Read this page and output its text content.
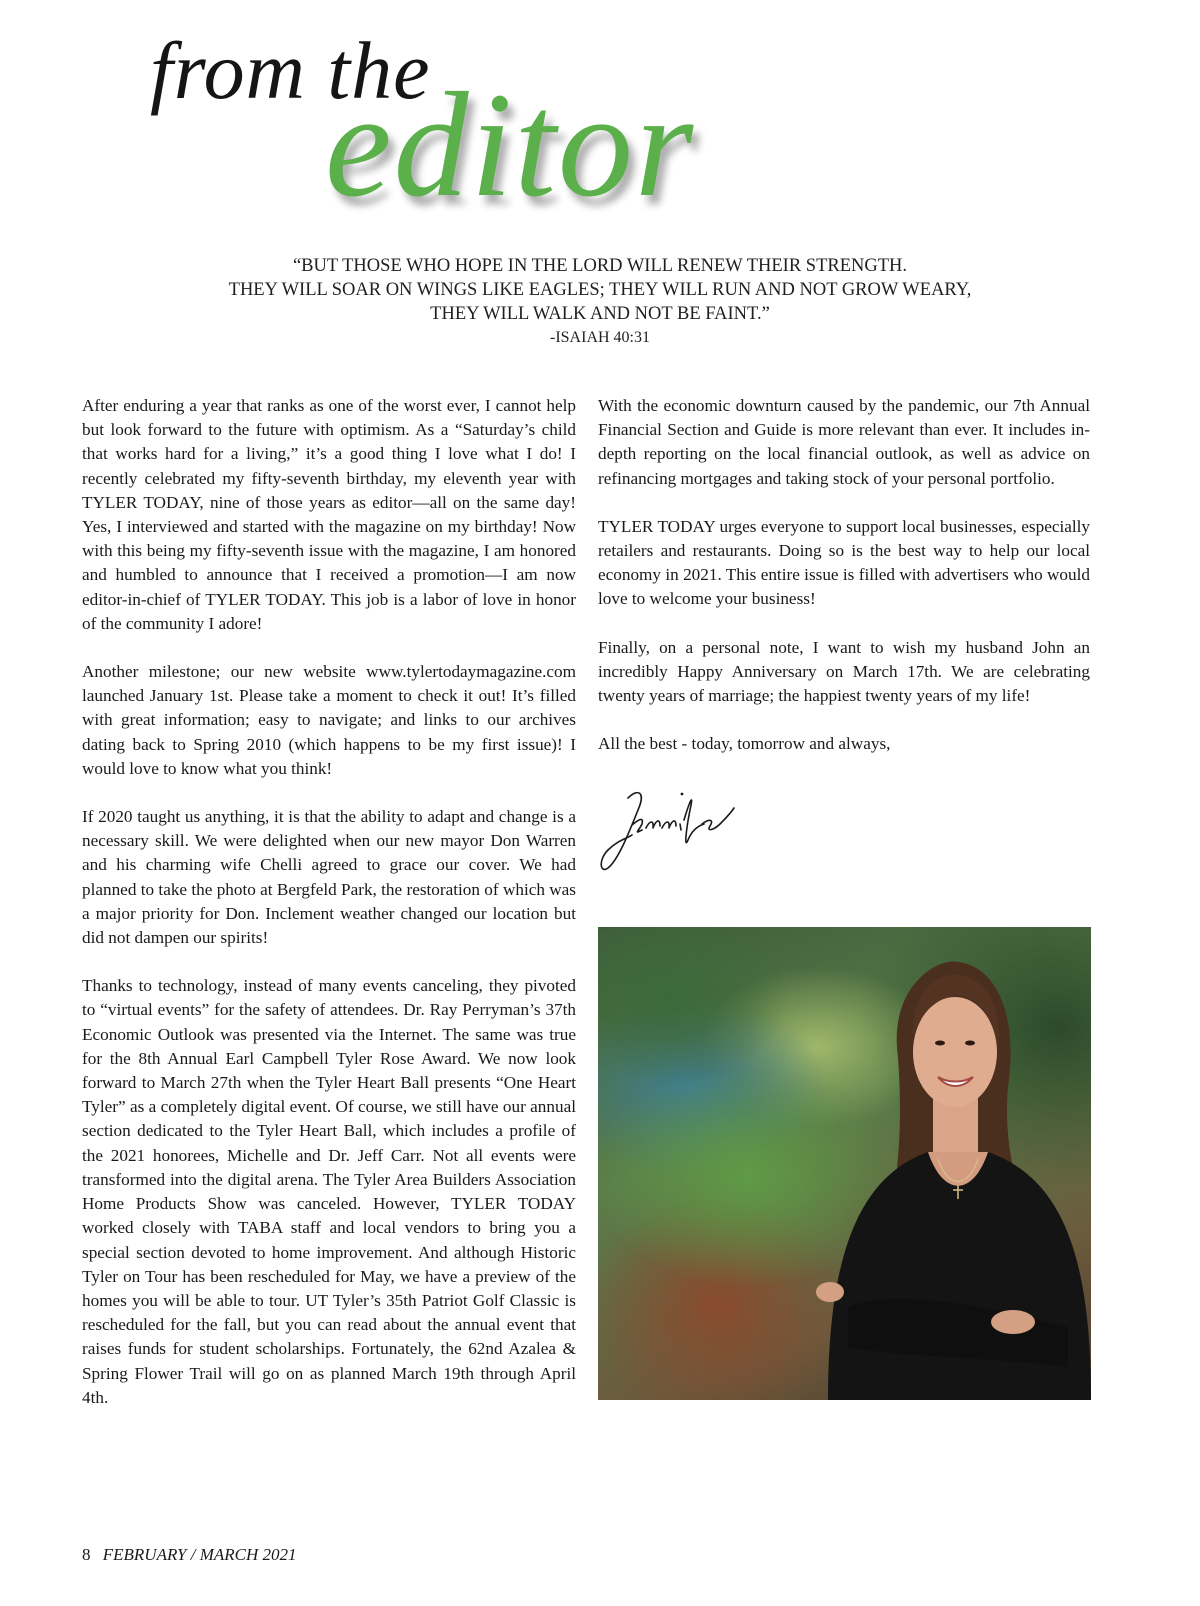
from the
editor

“BUT THOSE WHO HOPE IN THE LORD WILL RENEW THEIR STRENGTH.

THEY WILL SOAR ON WINGS LIKE EAGLES; THEY WILL RUN AND NOT GROW WEARY,

THEY WILL WALK AND NOT BE FAINT.”

-ISAIAH 40:31

After enduring a year that ranks as one of the worst ever, I cannot help but look forward to the future with optimism. As a “Saturday’s child that works hard for a living,” it’s a good thing I love what I do! I recently celebrated my fifty-seventh birthday, my eleventh year with TYLER TODAY, nine of those years as editor—all on the same day! Yes, I interviewed and started with the magazine on my birthday! Now with this being my fifty-seventh issue with the magazine, I am honored and humbled to announce that I received a promotion—I am now editor-in-chief of TYLER TODAY. This job is a labor of love in honor of the community I adore!

Another milestone; our new website www.tylertodaymagazine.com launched January 1st. Please take a moment to check it out! It’s filled with great information; easy to navigate; and links to our archives dating back to Spring 2010 (which happens to be my first issue)! I would love to know what you think!

If 2020 taught us anything, it is that the ability to adapt and change is a necessary skill. We were delighted when our new mayor Don Warren and his charming wife Chelli agreed to grace our cover. We had planned to take the photo at Bergfeld Park, the restoration of which was a major priority for Don. Inclement weather changed our location but did not dampen our spirits!

Thanks to technology, instead of many events canceling, they pivoted to “virtual events” for the safety of attendees. Dr. Ray Perryman’s 37th Economic Outlook was presented via the Internet. The same was true for the 8th Annual Earl Campbell Tyler Rose Award. We now look forward to March 27th when the Tyler Heart Ball presents “One Heart Tyler” as a completely digital event. Of course, we still have our annual section dedicated to the Tyler Heart Ball, which includes a profile of the 2021 honorees, Michelle and Dr. Jeff Carr. Not all events were transformed into the digital arena. The Tyler Area Builders Association Home Products Show was canceled. However, TYLER TODAY worked closely with TABA staff and local vendors to bring you a special section devoted to home improvement. And although Historic Tyler on Tour has been rescheduled for May, we have a preview of the homes you will be able to tour. UT Tyler’s 35th Patriot Golf Classic is rescheduled for the fall, but you can read about the annual event that raises funds for student scholarships. Fortunately, the 62nd Azalea & Spring Flower Trail will go on as planned March 19th through April 4th.

With the economic downturn caused by the pandemic, our 7th Annual Financial Section and Guide is more relevant than ever. It includes in-depth reporting on the local financial outlook, as well as advice on refinancing mortgages and taking stock of your personal portfolio.

TYLER TODAY urges everyone to support local businesses, especially retailers and restaurants. Doing so is the best way to help our local economy in 2021. This entire issue is filled with advertisers who would love to welcome your business!

Finally, on a personal note, I want to wish my husband John an incredibly Happy Anniversary on March 17th. We are celebrating twenty years of marriage; the happiest twenty years of my life!

All the best - today, tomorrow and always,

8 FEBRUARY / MARCH 2021
